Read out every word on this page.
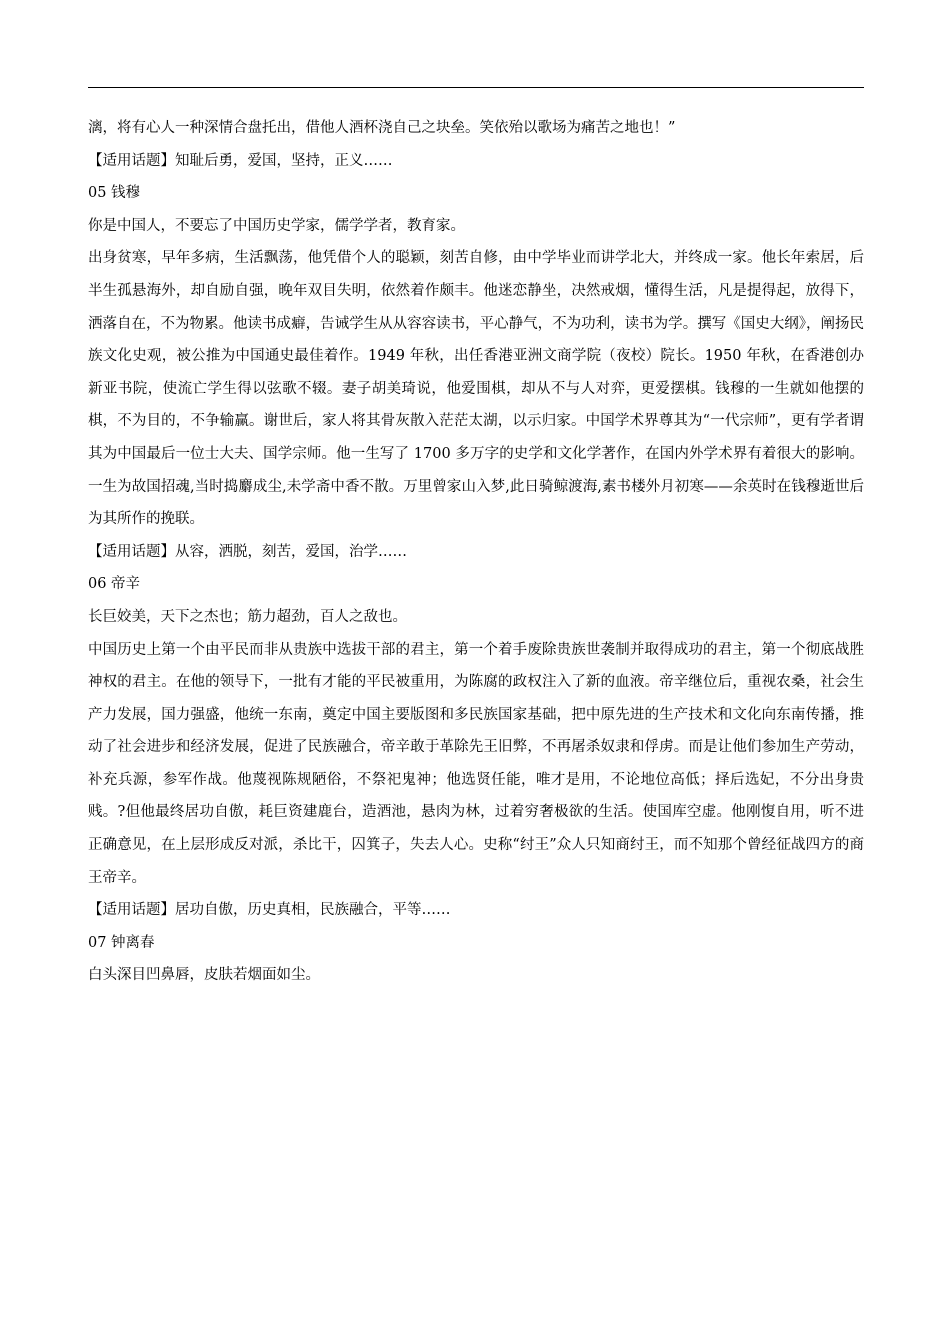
漓，将有心人一种深情合盘托出，借他人酒杯浇自己之块垒。笑依殆以歌场为痛苦之地也！”

【适用话题】知耻后勇，爱国，坚持，正义……

05 钱穆

你是中国人，不要忘了中国历史学家，儒学学者，教育家。

出身贫寒，早年多病，生活飘荡，他凭借个人的聪颖，刻苦自修，由中学毕业而讲学北大，并终成一家。他长年索居，后半生孤悬海外，却自励自强，晚年双目失明，依然着作颇丰。他迷恋静坐，决然戒烟，懂得生活，凡是提得起，放得下，洒落自在，不为物累。他读书成癖，告诫学生从从容容读书，平心静气，不为功利，读书为学。撰写《国史大纲》，阐扬民族文化史观，被公推为中国通史最佳着作。1949 年秋，出任香港亚洲文商学院（夜校）院长。1950 年秋，在香港创办新亚书院，使流亡学生得以弦歌不辍。妻子胡美琦说，他爱围棋，却从不与人对弈，更爱摆棋。钱穆的一生就如他摆的棋，不为目的，不争输赢。谢世后，家人将其骨灰散入茫茫太湖，以示归家。中国学术界尊其为“一代宗师”，更有学者谓其为中国最后一位士大夫、国学宗师。他一生写了 1700 多万字的史学和文化学著作，在国内外学术界有着很大的影响。一生为故国招魂,当时捣麝成尘,未学斋中香不散。万里曾家山入梦,此日骑鲸渡海,素书楼外月初寒——余英时在钱穆逝世后为其所作的挽联。

【适用话题】从容，洒脱，刻苦，爱国，治学……

06 帝辛

长巨姣美，天下之杰也；筋力超劲，百人之敌也。

中国历史上第一个由平民而非从贵族中选拔干部的君主，第一个着手废除贵族世袭制并取得成功的君主，第一个彻底战胜神权的君主。在他的领导下，一批有才能的平民被重用，为陈腐的政权注入了新的血液。帝辛继位后，重视农桑，社会生产力发展，国力强盛，他统一东南，奠定中国主要版图和多民族国家基础，把中原先进的生产技术和文化向东南传播，推动了社会进步和经济发展，促进了民族融合，帝辛敢于革除先王旧弊，不再屠杀奴隶和俘虏。而是让他们参加生产劳动，补充兵源，参军作战。他蔑视陈规陋俗，不祭祀鬼神；他选贤任能，唯才是用，不论地位高低；择后选妃，不分出身贵贱。?但他最终居功自傲，耗巨资建鹿台，造酒池，悬肉为林，过着穷奢极欲的生活。使国库空虚。他刚愎自用，听不进正确意见，在上层形成反对派，杀比干，囚箕子，失去人心。史称“纣王”众人只知商纣王，而不知那个曾经征战四方的商王帝辛。

【适用话题】居功自傲，历史真相，民族融合，平等……

07 钟离春

白头深目凹鼻唇，皮肤若烟面如尘。
